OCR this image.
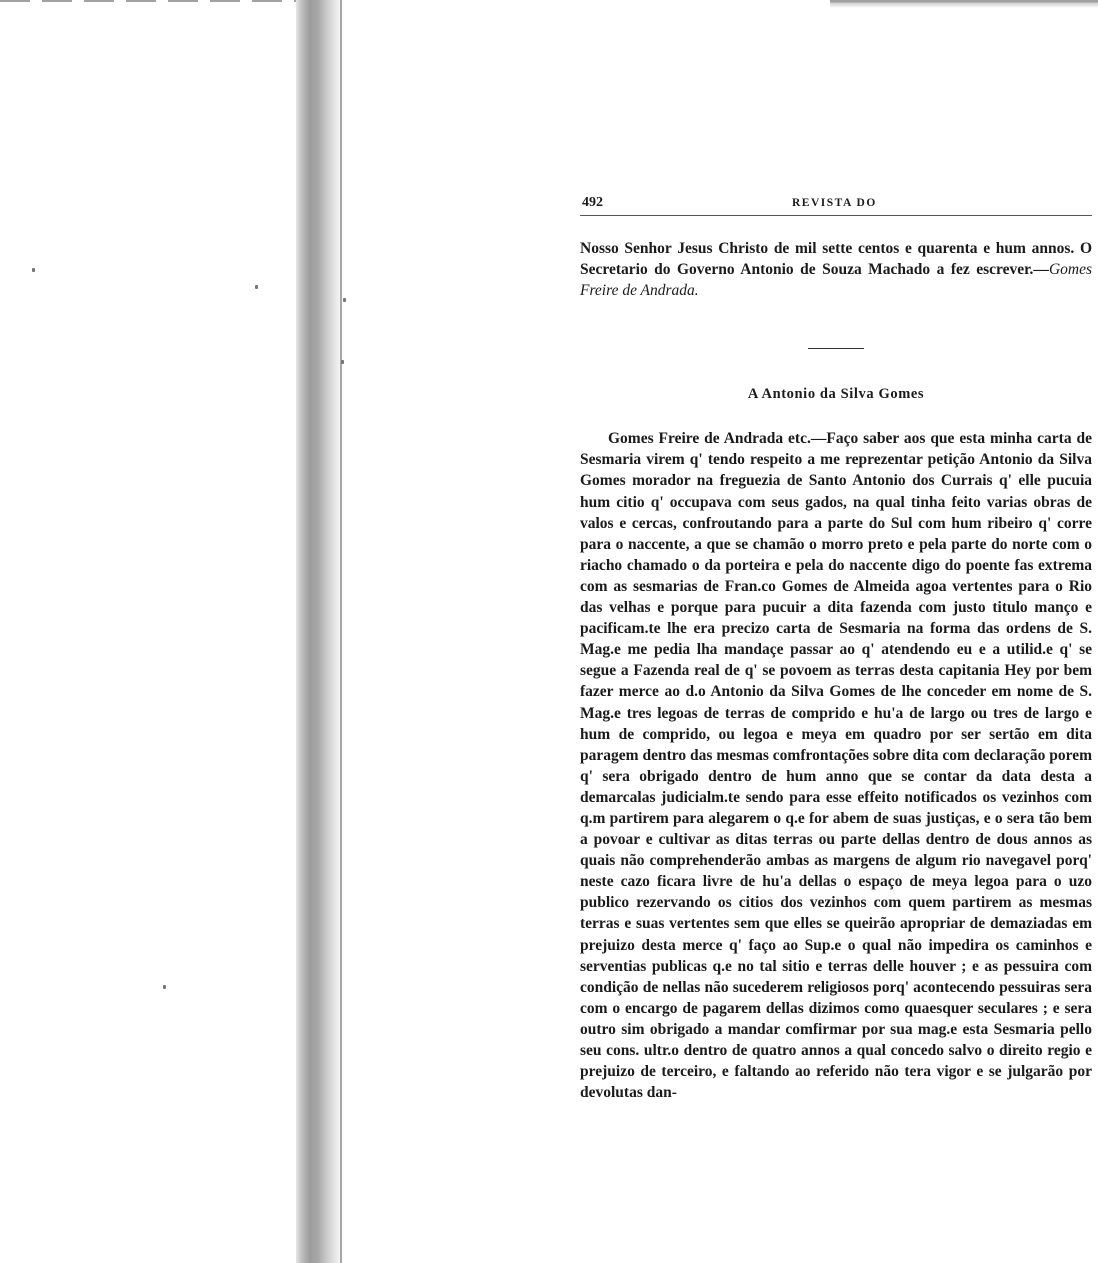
492	REVISTA DO

Nosso Senhor Jesus Christo de mil sette centos e quarenta e hum annos. O Secretario do Governo Antonio de Souza Machado a fez escrever.—Gomes Freire de Andrada.

A Antonio da Silva Gomes

Gomes Freire de Andrada etc.—Faço saber aos que esta minha carta de Sesmaria virem q' tendo respeito a me reprezentar petição Antonio da Silva Gomes morador na freguezia de Santo Antonio dos Currais q' elle pucuia hum citio q' occupava com seus gados, na qual tinha feito varias obras de valos e cercas, confroutando para a parte do Sul com hum ribeiro q' corre para o naccente, a que se chamão o morro preto e pela parte do norte com o riacho chamado o da porteira e pela do naccente digo do poente fas extrema com as sesmarias de Fran.co Gomes de Almeida agoa vertentes para o Rio das velhas e porque para pucuir a dita fazenda com justo titulo manço e pacificam.te lhe era precizo carta de Sesmaria na forma das ordens de S. Mag.e me pedia lha mandaçe passar ao q' atendendo eu e a utilid.e q' se segue a Fazenda real de q' se povoem as terras desta capitania Hey por bem fazer merce ao d.o Antonio da Silva Gomes de lhe conceder em nome de S. Mag.e tres legoas de terras de comprido e hu'a de largo ou tres de largo e hum de comprido, ou legoa e meya em quadro por ser sertão em dita paragem dentro das mesmas comfrontações sobre dita com declaração porem q' sera obrigado dentro de hum anno que se contar da data desta a demarcalas judicialm.te sendo para esse effeito notificados os vezinhos com q.m partirem para alegarem o q.e for abem de suas justiças, e o sera tão bem a povoar e cultivar as ditas terras ou parte dellas dentro de dous annos as quais não comprehenderão ambas as margens de algum rio navegavel porq' neste cazo ficara livre de hu'a dellas o espaço de meya legoa para o uzo publico rezervando os citios dos vezinhos com quem partirem as mesmas terras e suas vertentes sem que elles se queirão apropriar de demaziadas em prejuizo desta merce q' faço ao Sup.e o qual não impedira os caminhos e serventias publicas q.e no tal sitio e terras delle houver ; e as pessuira com condição de nellas não sucederem religiosos porq' acontecendo pessuiras sera com o encargo de pagarem dellas dizimos como quaesquer seculares ; e sera outro sim obrigado a mandar comfirmar por sua mag.e esta Sesmaria pello seu cons. ultr.o dentro de quatro annos a qual concedo salvo o direito regio e prejuizo de terceiro, e faltando ao referido não tera vigor e se julgarão por devolutas dan-
